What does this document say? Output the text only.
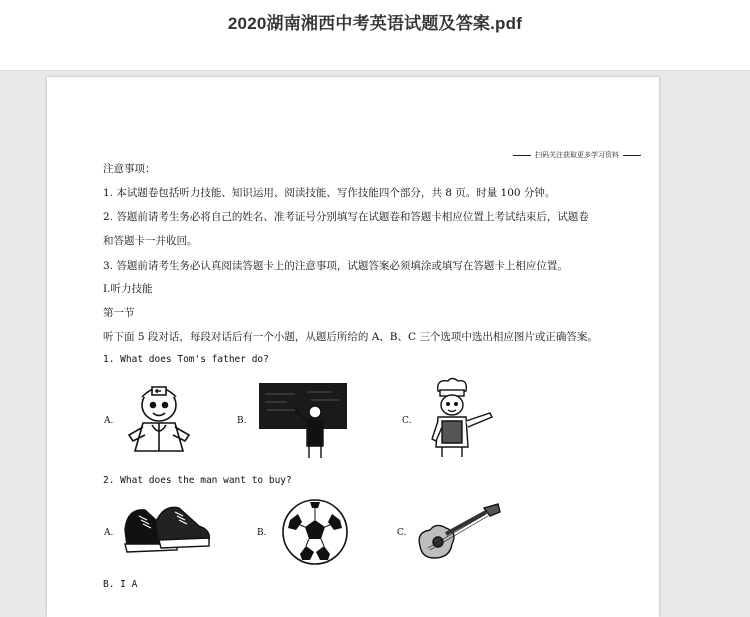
2020湖南湘西中考英语试题及答案.pdf
扫码关注获取更多学习资料
注意事项：
1. 本试题卷包括听力技能、知识运用、阅读技能、写作技能四个部分，共 8 页。时量 100 分钟。
2. 答题前请考生务必将自己的姓名、准考证号分别填写在试题卷和答题卡相应位置上考试结束后，试题卷
和答题卡一并收回。
3. 答题前请考生务必认真阅读答题卡上的注意事项，试题答案必须填涂或填写在答题卡上相应位置。
I.听力技能
第一节
听下面 5 段对话，每段对话后有一个小题，从题后所给的 A、B、C 三个选项中选出相应图片或正确答案。
1. What does Tom's father do?
A.	B.	C.
2. What does the man want to buy?
A.	B.	C.
B. I A
